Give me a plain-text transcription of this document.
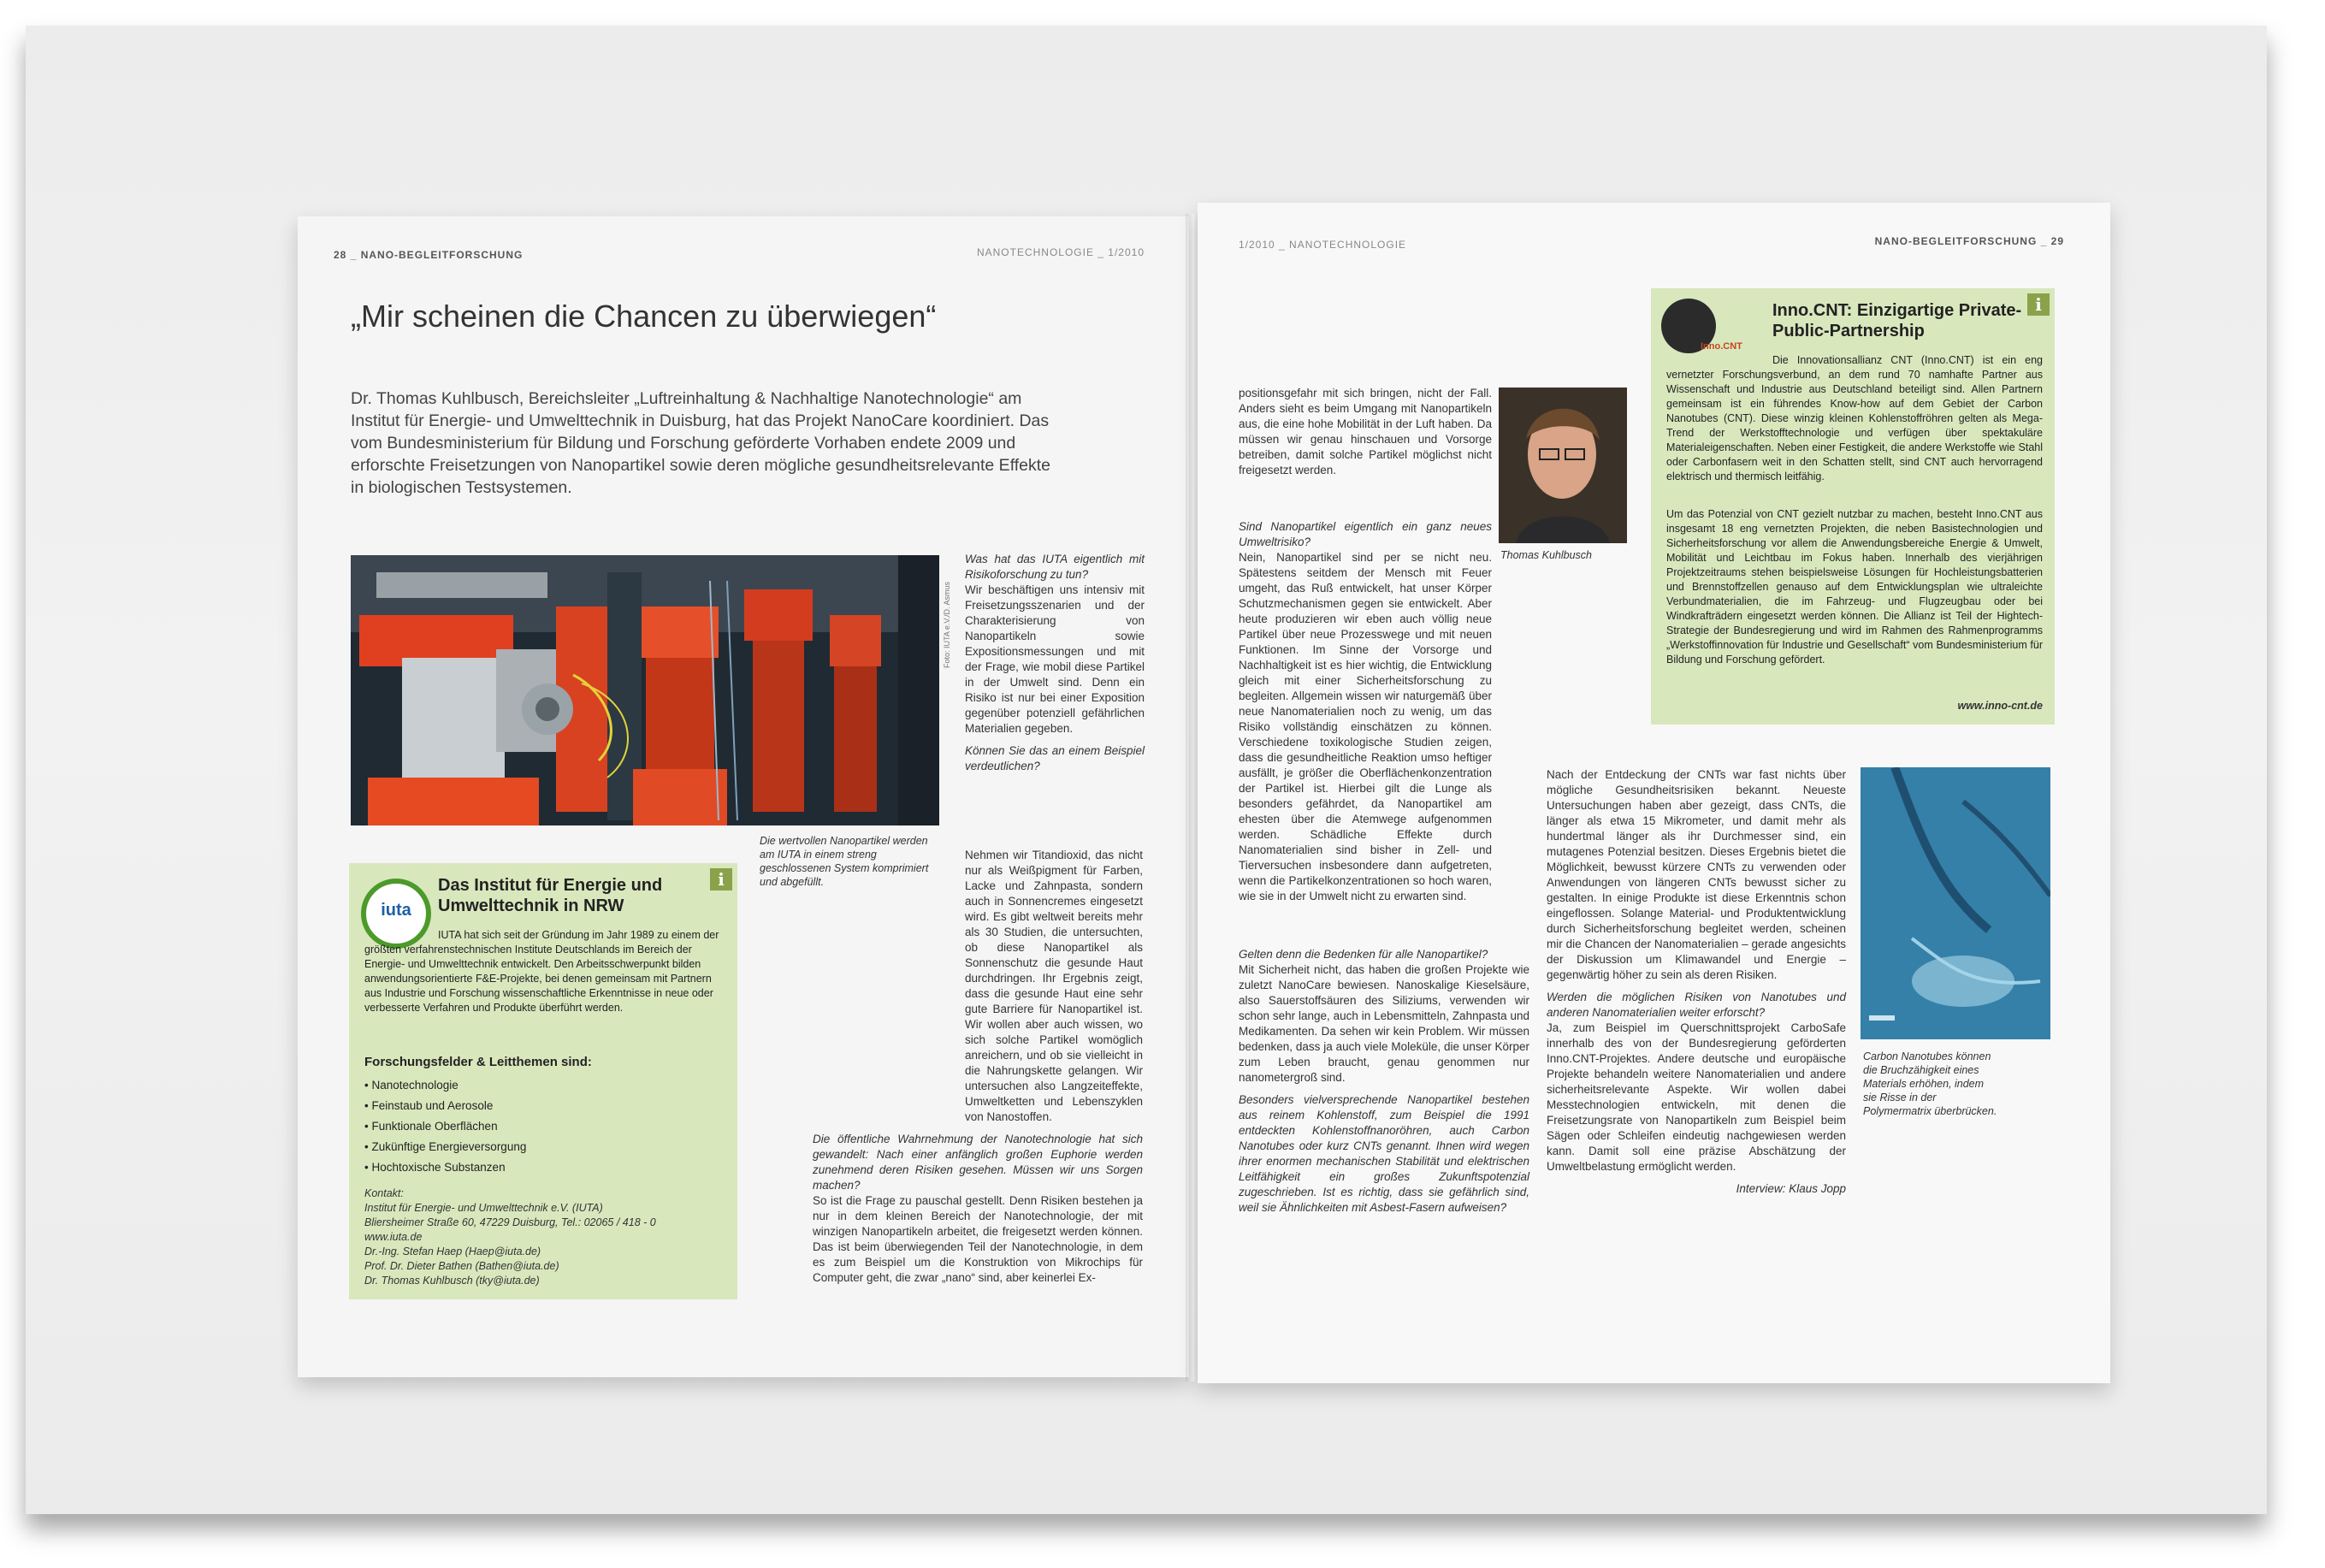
28 _ NANO-BEGLEITFORSCHUNG	NANOTECHNOLOGIE _ 1/2010
„Mir scheinen die Chancen zu überwiegen“
Dr. Thomas Kuhlbusch, Bereichsleiter „Luftreinhaltung & Nachhaltige Nanotechnologie“ am Institut für Energie- und Umwelttechnik in Duisburg, hat das Projekt NanoCare koordiniert. Das vom Bundesministerium für Bildung und Forschung geförderte Vorhaben endete 2009 und erforschte Freisetzungen von Nanopartikel sowie deren mögliche gesundheitsrelevante Effekte in biologischen Testsystemen.
Foto: IUTA e.V./D. Asmus
Die wertvollen Nanopartikel werden am IUTA in einem streng geschlossenen System komprimiert und abgefüllt.

Was hat das IUTA eigentlich mit Risikoforschung zu tun?
Wir beschäftigen uns intensiv mit Freisetzungsszenarien und der Charakterisierung von Nanopartikeln sowie Expositionsmessungen und mit der Frage, wie mobil diese Partikel in der Umwelt sind. Denn ein Risiko ist nur bei einer Exposition gegenüber potenziell gefährlichen Materialien gegeben.

Können Sie das an einem Beispiel verdeutlichen?

Nehmen wir Titandioxid, das nicht nur als Weißpigment für Farben, Lacke und Zahnpasta, sondern auch in Sonnencremes eingesetzt wird. Es gibt weltweit bereits mehr als 30 Studien, die untersuchten, ob diese Nanopartikel als Sonnenschutz die gesunde Haut durchdringen. Ihr Ergebnis zeigt, dass die gesunde Haut eine sehr gute Barriere für Nanopartikel ist. Wir wollen aber auch wissen, wo sich solche Partikel womöglich anreichern, und ob sie vielleicht in die Nahrungskette gelangen. Wir untersuchen also Langzeiteffekte, Umweltketten und Lebenszyklen von Nanostoffen.

Die öffentliche Wahrnehmung der Nanotechnologie hat sich gewandelt: Nach einer anfänglich großen Euphorie werden zunehmend deren Risiken gesehen. Müssen wir uns Sorgen machen?
So ist die Frage zu pauschal gestellt. Denn Risiken bestehen ja nur in dem kleinen Bereich der Nanotechnologie, der mit winzigen Nanopartikeln arbeitet, die freigesetzt werden können. Das ist beim überwiegenden Teil der Nanotechnologie, in dem es zum Beispiel um die Konstruktion von Mikrochips für Computer geht, die zwar „nano“ sind, aber keinerlei Ex-

i
iuta
Das Institut für Energie und Umwelttechnik in NRW
IUTA hat sich seit der Gründung im Jahr 1989 zu einem der größten verfahrenstechnischen Institute Deutschlands im Bereich der Energie- und Umwelttechnik entwickelt. Den Arbeitsschwerpunkt bilden anwendungsorientierte F&E-Projekte, bei denen gemeinsam mit Partnern aus Industrie und Forschung wissenschaftliche Erkenntnisse in neue oder verbesserte Verfahren und Produkte überführt werden.
Forschungsfelder & Leitthemen sind:
• Nanotechnologie
• Feinstaub und Aerosole
• Funktionale Oberflächen
• Zukünftige Energieversorgung
• Hochtoxische Substanzen
Kontakt:
Institut für Energie- und Umwelttechnik e.V. (IUTA)
Bliersheimer Straße 60, 47229 Duisburg, Tel.: 02065 / 418 - 0
www.iuta.de
Dr.-Ing. Stefan Haep (Haep@iuta.de)
Prof. Dr. Dieter Bathen (Bathen@iuta.de)
Dr. Thomas Kuhlbusch (tky@iuta.de)
1/2010 _ NANOTECHNOLOGIE	NANO-BEGLEITFORSCHUNG _ 29

positionsgefahr mit sich bringen, nicht der Fall. Anders sieht es beim Umgang mit Nanopartikeln aus, die eine hohe Mobilität in der Luft haben. Da müssen wir genau hinschauen und Vorsorge betreiben, damit solche Partikel möglichst nicht freigesetzt werden.

Thomas Kuhlbusch

Sind Nanopartikel eigentlich ein ganz neues Umweltrisiko?
Nein, Nanopartikel sind per se nicht neu. Spätestens seitdem der Mensch mit Feuer umgeht, das Ruß entwickelt, hat unser Körper Schutzmechanismen gegen sie entwickelt. Aber heute produzieren wir eben auch völlig neue Partikel über neue Prozesswege und mit neuen Funktionen. Im Sinne der Vorsorge und Nachhaltigkeit ist es hier wichtig, die Entwicklung gleich mit einer Sicherheitsforschung zu begleiten. Allgemein wissen wir naturgemäß über neue Nanomaterialien noch zu wenig, um das Risiko vollständig einschätzen zu können. Verschiedene toxikologische Studien zeigen, dass die gesundheitliche Reaktion umso heftiger ausfällt, je größer die Oberflächenkonzentration der Partikel ist. Hierbei gilt die Lunge als besonders gefährdet, da Nanopartikel am ehesten über die Atemwege aufgenommen werden. Schädliche Effekte durch Nanomaterialien sind bisher in Zell- und Tierversuchen insbesondere dann aufgetreten, wenn die Partikelkonzentrationen so hoch waren, wie sie in der Umwelt nicht zu erwarten sind.

Gelten denn die Bedenken für alle Nanopartikel?
Mit Sicherheit nicht, das haben die großen Projekte wie zuletzt NanoCare bewiesen. Nanoskalige Kieselsäure, also Sauerstoffsäuren des Siliziums, verwenden wir schon sehr lange, auch in Lebensmitteln, Zahnpasta und Medikamenten. Da sehen wir kein Problem. Wir müssen bedenken, dass ja auch viele Moleküle, die unser Körper zum Leben braucht, genau genommen nur nanometergroß sind.

Besonders vielversprechende Nanopartikel bestehen aus reinem Kohlenstoff, zum Beispiel die 1991 entdeckten Kohlenstoffnanoröhren, auch Carbon Nanotubes oder kurz CNTs genannt. Ihnen wird wegen ihrer enormen mechanischen Stabilität und elektrischen Leitfähigkeit ein großes Zukunftspotenzial zugeschrieben. Ist es richtig, dass sie gefährlich sind, weil sie Ähnlichkeiten mit Asbest-Fasern aufweisen?

Nach der Entdeckung der CNTs war fast nichts über mögliche Gesundheitsrisiken bekannt. Neueste Untersuchungen haben aber gezeigt, dass CNTs, die länger als etwa 15 Mikrometer, und damit mehr als hundertmal länger als ihr Durchmesser sind, ein mutagenes Potenzial besitzen. Dieses Ergebnis bietet die Möglichkeit, bewusst kürzere CNTs zu verwenden oder Anwendungen von längeren CNTs bewusst sicher zu gestalten. In einige Produkte ist diese Erkenntnis schon eingeflossen. Solange Material- und Produktentwicklung durch Sicherheitsforschung begleitet werden, scheinen mir die Chancen der Nanomaterialien – gerade angesichts der Diskussion um Klimawandel und Energie – gegenwärtig höher zu sein als deren Risiken.

Werden die möglichen Risiken von Nanotubes und anderen Nanomaterialien weiter erforscht?
Ja, zum Beispiel im Querschnittsprojekt CarboSafe innerhalb des von der Bundesregierung geförderten Inno.CNT-Projektes. Andere deutsche und europäische Projekte behandeln weitere Nanomaterialien und andere sicherheitsrelevante Aspekte. Wir wollen dabei Messtechnologien entwickeln, mit denen die Freisetzungsrate von Nanopartikeln zum Beispiel beim Sägen oder Schleifen eindeutig nachgewiesen werden kann. Damit soll eine präzise Abschätzung der Umweltbelastung ermöglicht werden.

Interview: Klaus Jopp

Carbon Nanotubes können die Bruchzähigkeit eines Materials erhöhen, indem sie Risse in der Polymermatrix überbrücken.
i
Inno.CNT
Inno.CNT: Einzigartige Private-Public-Partnership
Die Innovationsallianz CNT (Inno.CNT) ist ein eng vernetzter Forschungsverbund, an dem rund 70 namhafte Partner aus Wissenschaft und Industrie aus Deutschland beteiligt sind. Allen Partnern gemeinsam ist ein führendes Know-how auf dem Gebiet der Carbon Nanotubes (CNT). Diese winzig kleinen Kohlenstoffröhren gelten als Mega-Trend der Werkstofftechnologie und verfügen über spektakuläre Materialeigenschaften. Neben einer Festigkeit, die andere Werkstoffe wie Stahl oder Carbonfasern weit in den Schatten stellt, sind CNT auch hervorragend elektrisch und thermisch leitfähig.
Um das Potenzial von CNT gezielt nutzbar zu machen, besteht Inno.CNT aus insgesamt 18 eng vernetzten Projekten, die neben Basistechnologien und Sicherheitsforschung vor allem die Anwendungsbereiche Energie & Umwelt, Mobilität und Leichtbau im Fokus haben. Innerhalb des vierjährigen Projektzeitraums stehen beispielsweise Lösungen für Hochleistungsbatterien und Brennstoffzellen genauso auf dem Entwicklungsplan wie ultraleichte Verbundmaterialien, die im Fahrzeug- und Flugzeugbau oder bei Windkrafträdern eingesetzt werden können. Die Allianz ist Teil der Hightech-Strategie der Bundesregierung und wird im Rahmen des Rahmenprogramms „Werkstoffinnovation für Industrie und Gesellschaft“ vom Bundesministerium für Bildung und Forschung gefördert.
www.inno-cnt.de
